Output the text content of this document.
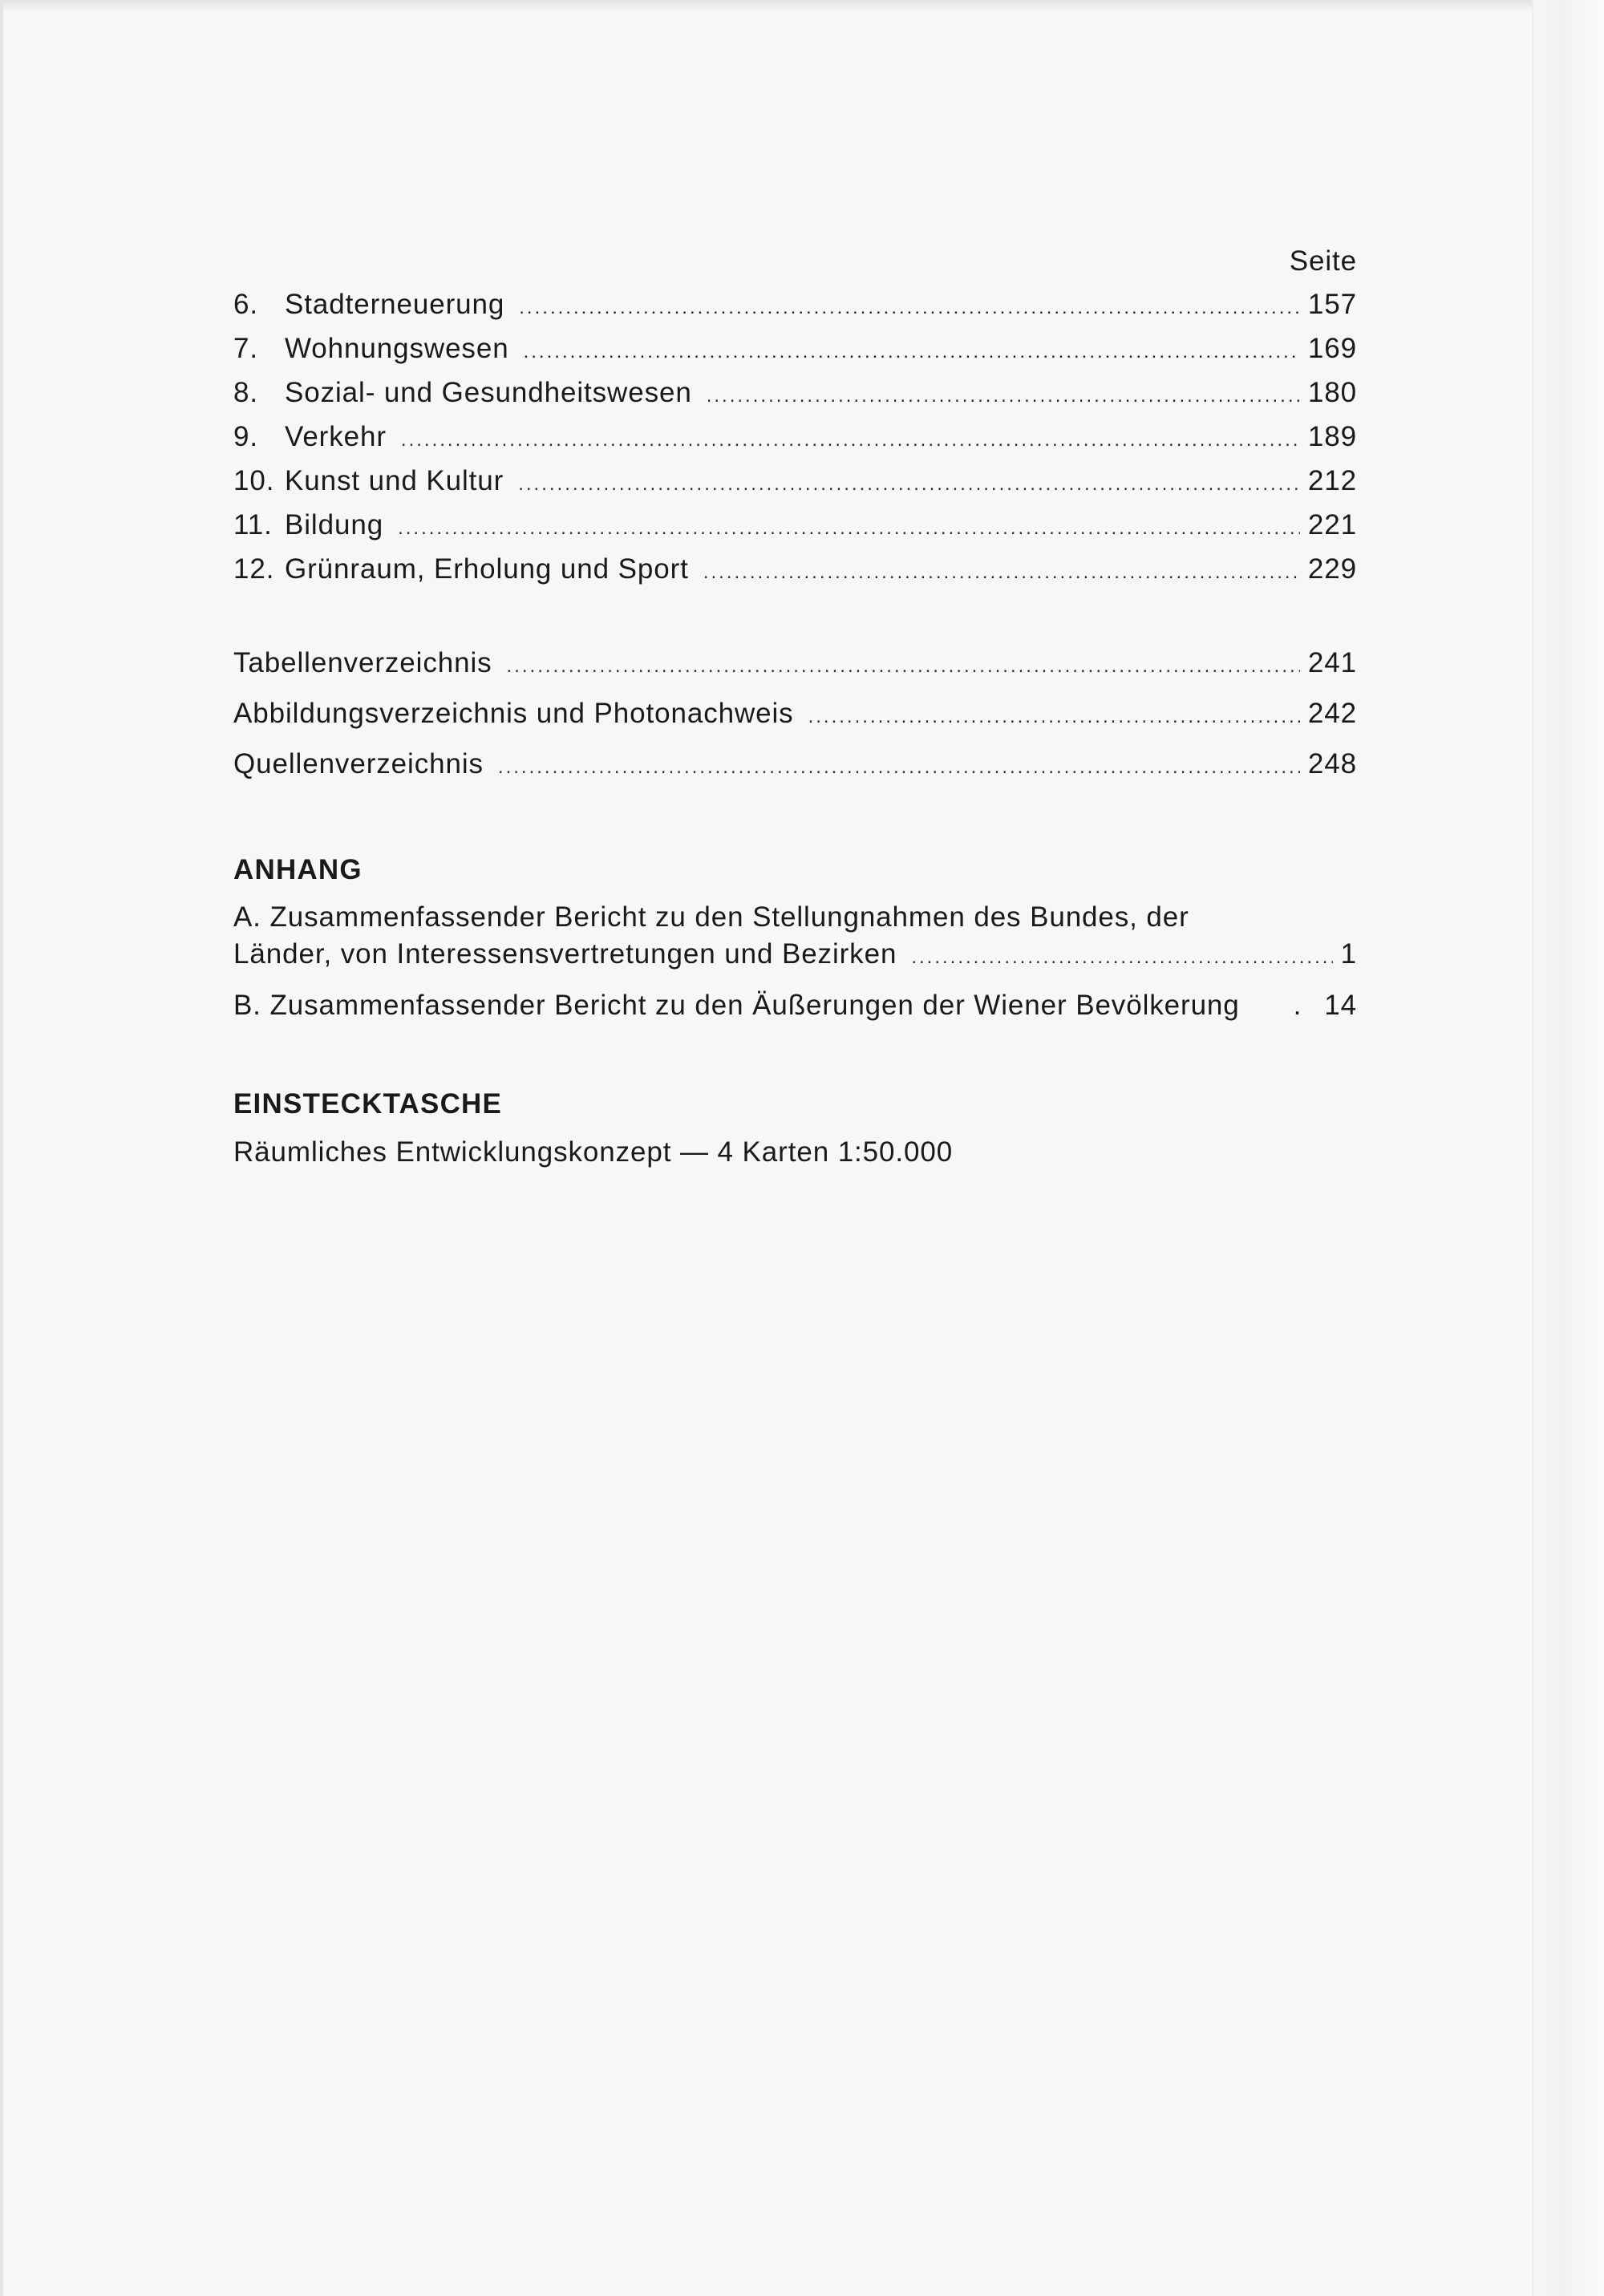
Seite
6. Stadterneuerung .....	157
7. Wohnungswesen .....	169
8. Sozial- und Gesundheitswesen .....	180
9. Verkehr .....	189
10. Kunst und Kultur .....	212
11. Bildung .....	221
12. Grünraum, Erholung und Sport .....	229
Tabellenverzeichnis .....	241
Abbildungsverzeichnis und Photonachweis .....	242
Quellenverzeichnis .....	248
ANHANG
A. Zusammenfassender Bericht zu den Stellungnahmen des Bundes, der
Länder, von Interessensvertretungen und Bezirken .....	1
B. Zusammenfassender Bericht zu den Äußerungen der Wiener Bevölkerung	. 14
EINSTECKTASCHE
Räumliches Entwicklungskonzept — 4 Karten 1:50.000
